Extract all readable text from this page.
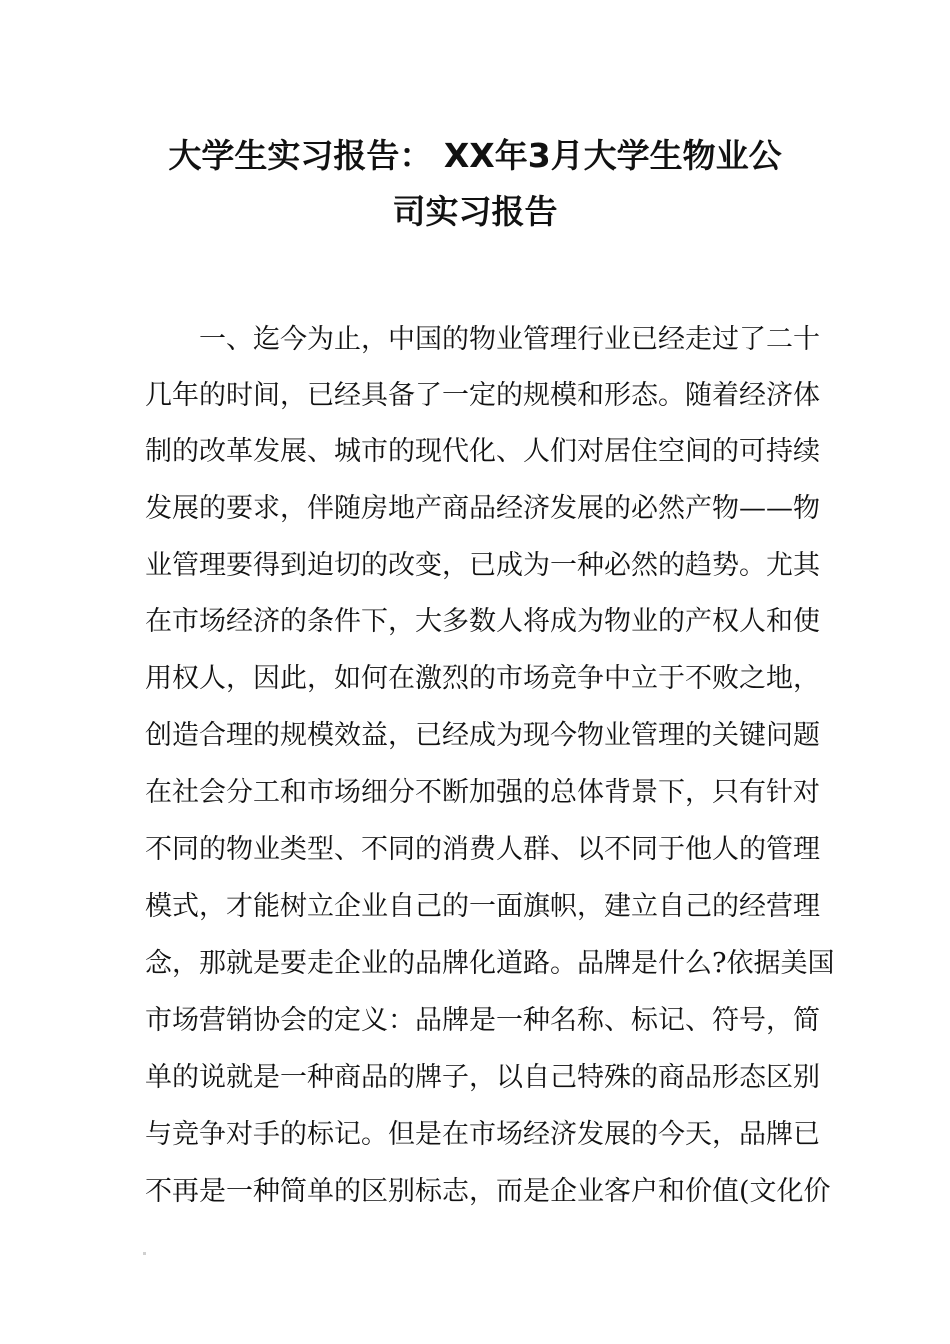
大学生实习报告： XX年3月大学生物业公
司实习报告
一、迄今为止，中国的物业管理行业已经走过了二十
几年的时间，已经具备了一定的规模和形态。随着经济体
制的改革发展、城市的现代化、人们对居住空间的可持续
发展的要求，伴随房地产商品经济发展的必然产物——物
业管理要得到迫切的改变，已成为一种必然的趋势。尤其
在市场经济的条件下，大多数人将成为物业的产权人和使
用权人，因此，如何在激烈的市场竞争中立于不败之地，
创造合理的规模效益，已经成为现今物业管理的关键问题
在社会分工和市场细分不断加强的总体背景下，只有针对
不同的物业类型、不同的消费人群、以不同于他人的管理
模式，才能树立企业自己的一面旗帜，建立自己的经营理
念，那就是要走企业的品牌化道路。品牌是什么?依据美国
市场营销协会的定义：品牌是一种名称、标记、符号，简
单的说就是一种商品的牌子，以自己特殊的商品形态区别
与竞争对手的标记。但是在市场经济发展的今天，品牌已
不再是一种简单的区别标志，而是企业客户和价值(文化价
